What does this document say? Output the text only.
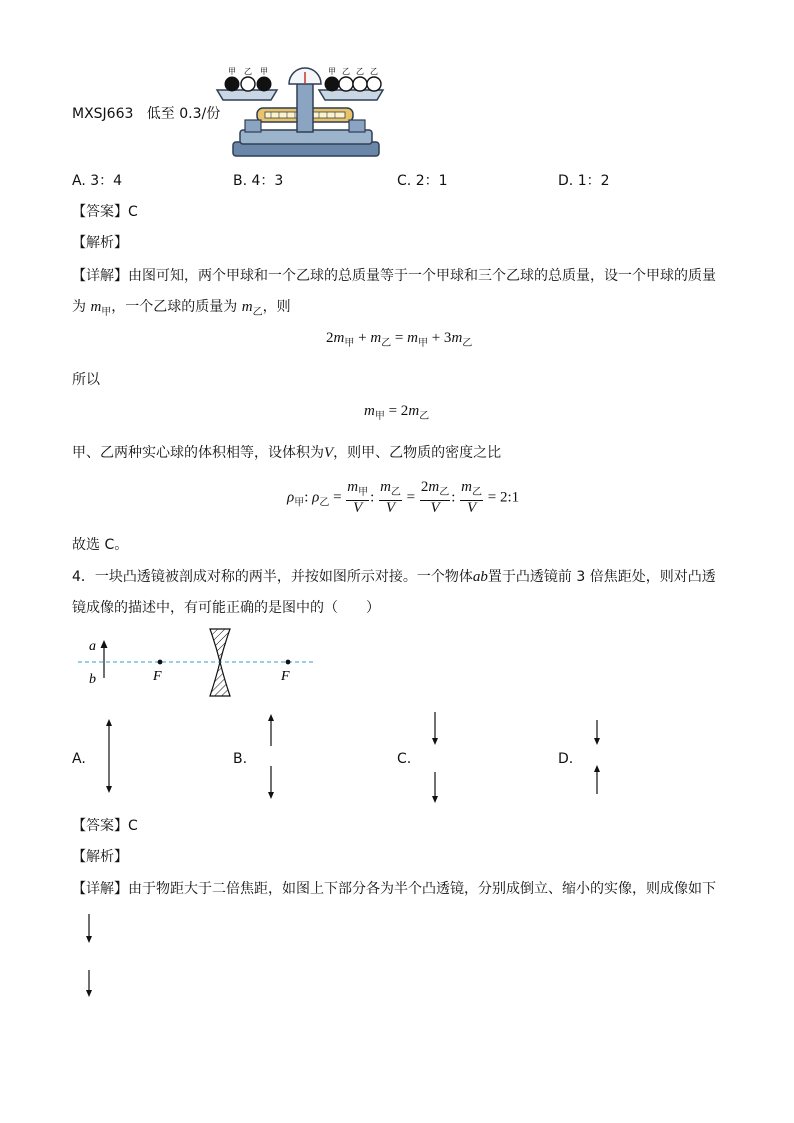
MXSJ663 低至 0.3/份
甲 乙 甲	甲 乙 乙 乙
A. 3：4	B. 4：3	C. 2：1	D. 1：2
【答案】C
【解析】
【详解】由图可知，两个甲球和一个乙球的总质量等于一个甲球和三个乙球的总质量，设一个甲球的质量
为 $m_甲$，一个乙球的质量为 $m_乙$，则
$2m_甲 + m_乙 = m_甲 + 3m_乙$
所以
$m_甲 = 2m_乙$
甲、乙两种实心球的体积相等，设体积为V，则甲、乙物质的密度之比
$\rho_甲$: $\rho_乙 = \frac{m_甲}{V}$ : $\frac{m_乙}{V} = \frac{2m_乙}{V}$ : $\frac{m_乙}{V}$ = 2:1
故选 C。
4．一块凸透镜被剖成对称的两半，并按如图所示对接。一个物体ab置于凸透镜前 3 倍焦距处，则对凸透
镜成像的描述中，有可能正确的是图中的（　　）
a
b	F	F
A.	B.	C.	D.
【答案】C
【解析】
【详解】由于物距大于二倍焦距，如图上下部分各为半个凸透镜，分别成倒立、缩小的实像，则成像如下
